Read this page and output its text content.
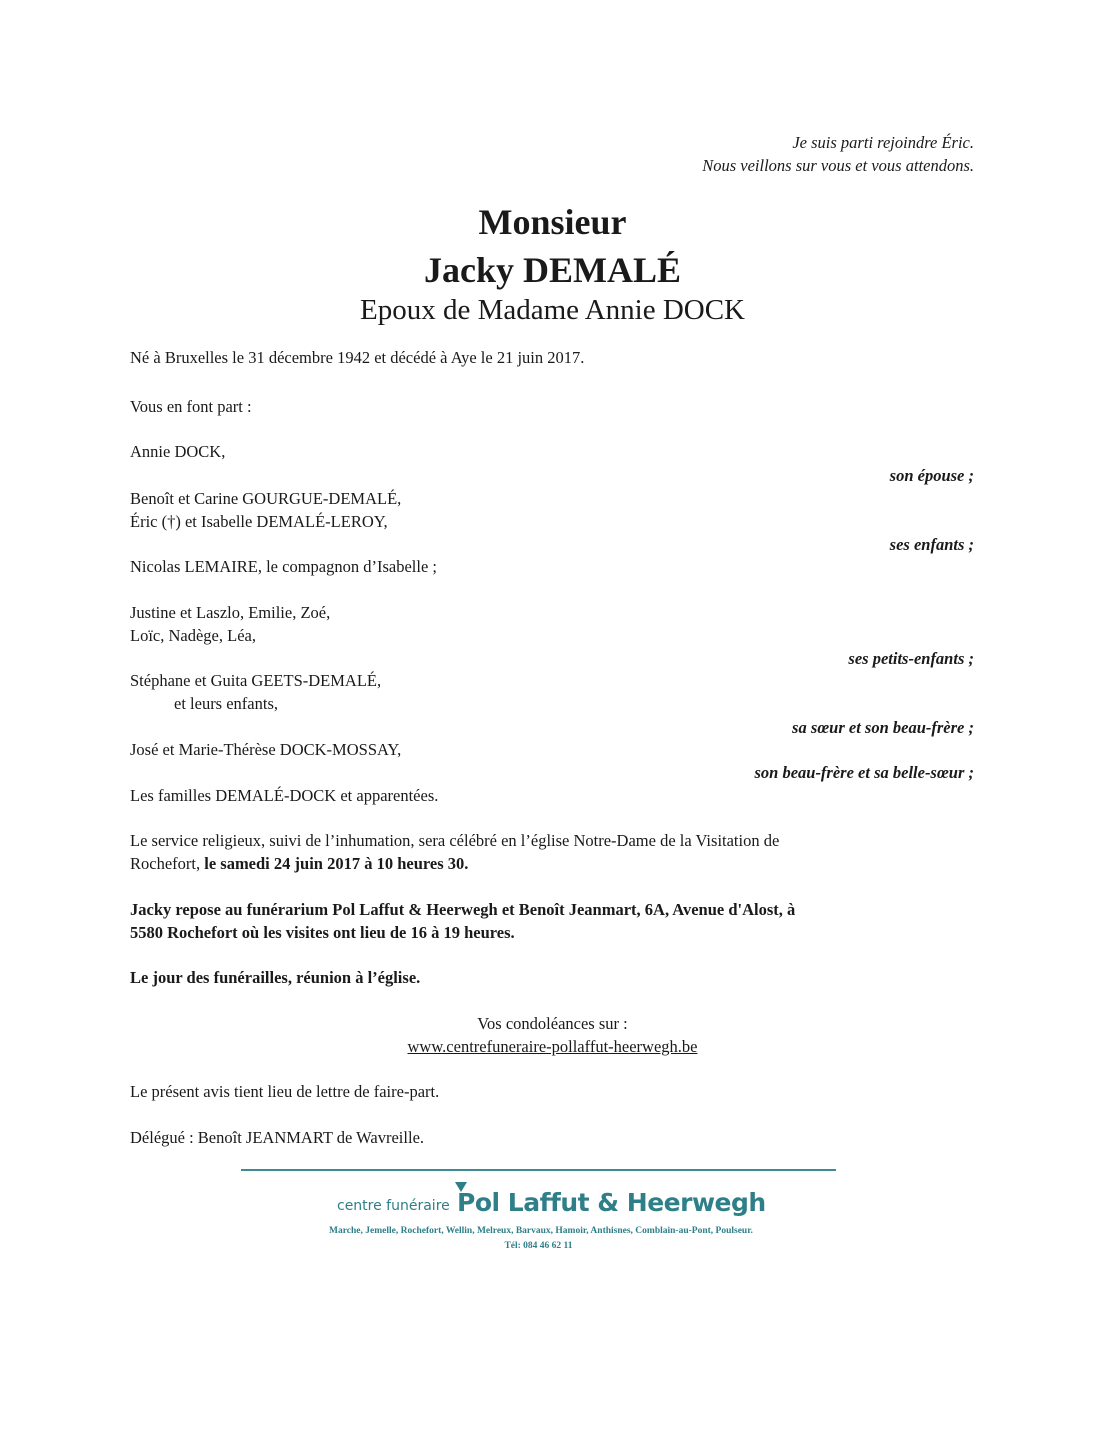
Je suis parti rejoindre Éric.
Nous veillons sur vous et vous attendons.
Monsieur
Jacky DEMALÉ
Epoux de Madame Annie DOCK
Né à Bruxelles le 31 décembre 1942 et décédé à Aye le 21 juin 2017.
Vous en font part :
Annie DOCK,
son épouse ;
Benoît et Carine GOURGUE-DEMALÉ,
Éric (†) et Isabelle DEMALÉ-LEROY,
ses enfants ;
Nicolas LEMAIRE, le compagnon d’Isabelle ;
Justine et Laszlo, Emilie, Zoé,
Loïc, Nadège, Léa,
ses petits-enfants ;
Stéphane et Guita GEETS-DEMALÉ,
et leurs enfants,
sa sœur et son beau-frère ;
José et Marie-Thérèse DOCK-MOSSAY,
son beau-frère et sa belle-sœur ;
Les familles DEMALÉ-DOCK et apparentées.
Le service religieux, suivi de l’inhumation, sera célébré en l’église Notre-Dame de la Visitation de
Rochefort, le samedi 24 juin 2017 à 10 heures 30.
Jacky repose au funérarium Pol Laffut & Heerwegh et Benoît Jeanmart, 6A, Avenue d'Alost, à
5580 Rochefort où les visites ont lieu de 16 à 19 heures.
Le jour des funérailles, réunion à l’église.
Vos condoléances sur :
www.centrefuneraire-pollaffut-heerwegh.be
Le présent avis tient lieu de lettre de faire-part.
Délégué : Benoît JEANMART de Wavreille.
centre funéraire Pol Laffut & Heerwegh
Marche, Jemelle, Rochefort, Wellin, Melreux, Barvaux, Hamoir, Anthisnes, Comblain-au-Pont, Poulseur.
Tél: 084 46 62 11
